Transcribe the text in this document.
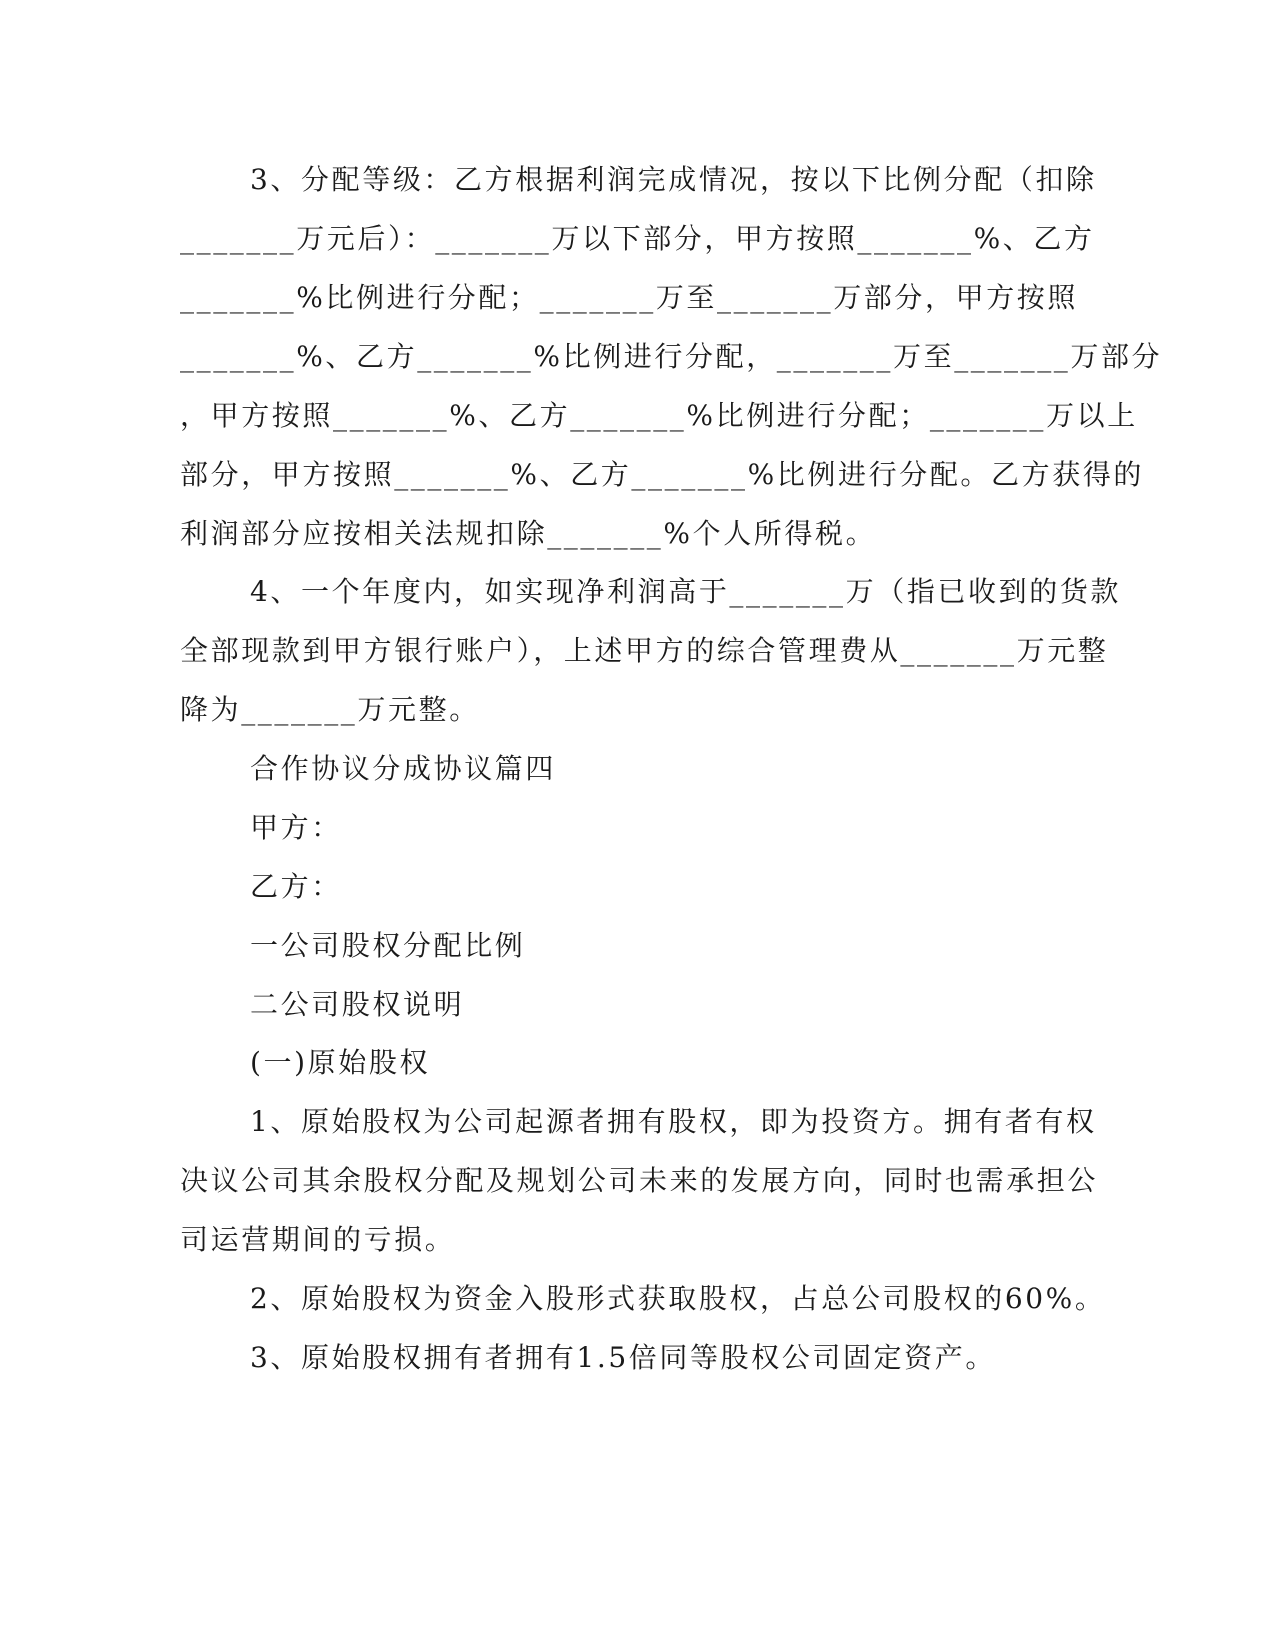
3、分配等级：乙方根据利润完成情况，按以下比例分配（扣除
_______万元后）：_______万以下部分，甲方按照_______%、乙方
_______%比例进行分配；_______万至_______万部分，甲方按照
_______%、乙方_______%比例进行分配，_______万至_______万部分
，甲方按照_______%、乙方_______%比例进行分配；_______万以上
部分，甲方按照_______%、乙方_______%比例进行分配。乙方获得的
利润部分应按相关法规扣除_______%个人所得税。
4、一个年度内，如实现净利润高于_______万（指已收到的货款
全部现款到甲方银行账户），上述甲方的综合管理费从_______万元整
降为_______万元整。
合作协议分成协议篇四
甲方：
乙方：
一公司股权分配比例
二公司股权说明
(一)原始股权
1、原始股权为公司起源者拥有股权，即为投资方。拥有者有权
决议公司其余股权分配及规划公司未来的发展方向，同时也需承担公
司运营期间的亏损。
2、原始股权为资金入股形式获取股权，占总公司股权的60%。
3、原始股权拥有者拥有1.5倍同等股权公司固定资产。
